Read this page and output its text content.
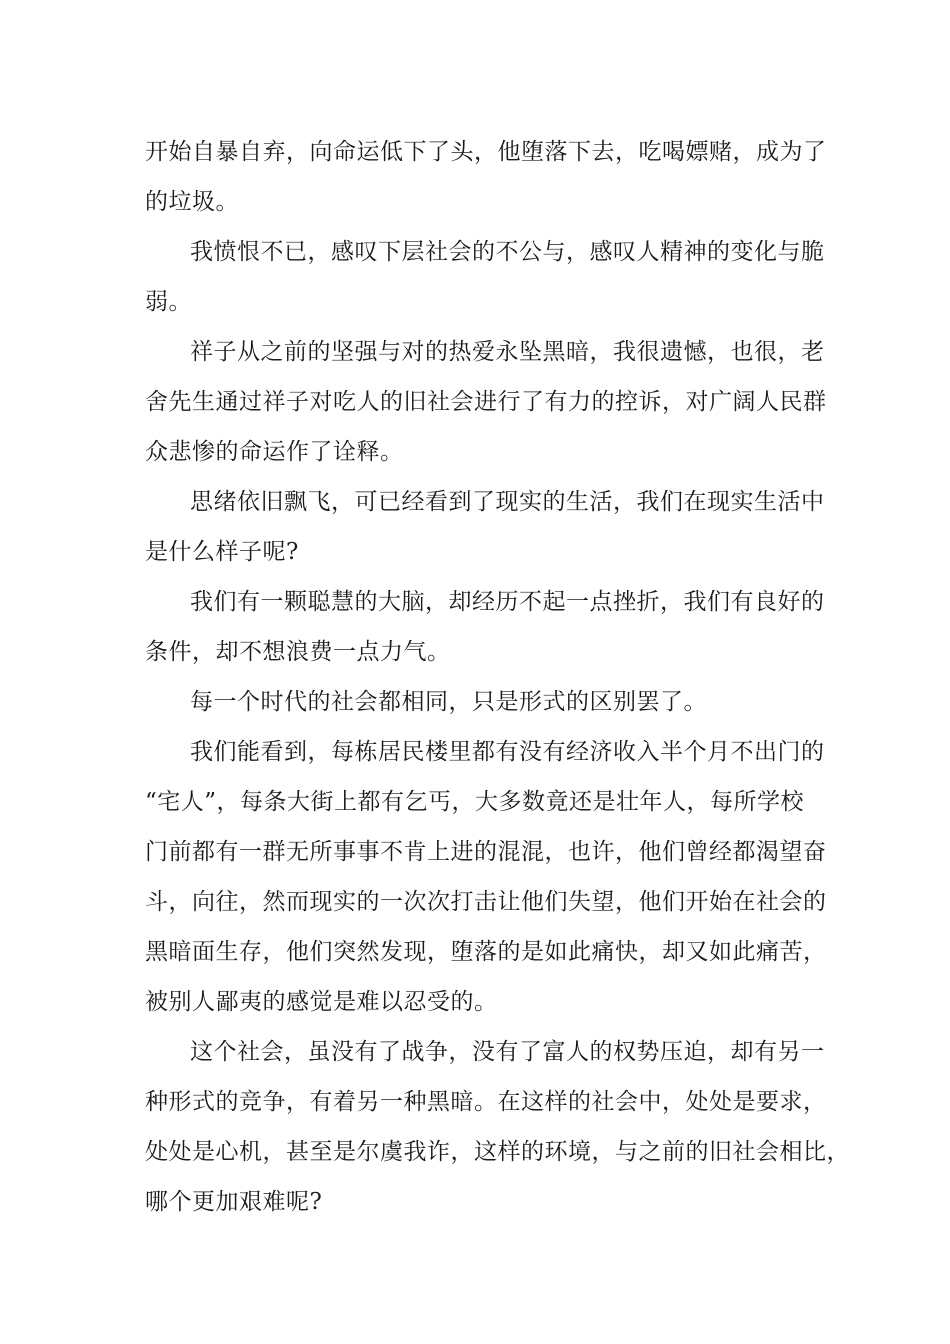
开始自暴自弃，向命运低下了头，他堕落下去，吃喝嫖赌，成为了
的垃圾。
我愤恨不已，感叹下层社会的不公与，感叹人精神的变化与脆
弱。
祥子从之前的坚强与对的热爱永坠黑暗，我很遗憾，也很，老
舍先生通过祥子对吃人的旧社会进行了有力的控诉，对广阔人民群
众悲惨的命运作了诠释。
思绪依旧飘飞，可已经看到了现实的生活，我们在现实生活中
是什么样子呢?
我们有一颗聪慧的大脑，却经历不起一点挫折，我们有良好的
条件，却不想浪费一点力气。
每一个时代的社会都相同，只是形式的区别罢了。
我们能看到，每栋居民楼里都有没有经济收入半个月不出门的
“宅人”，每条大街上都有乞丐，大多数竟还是壮年人，每所学校
门前都有一群无所事事不肯上进的混混，也许，他们曾经都渴望奋
斗，向往，然而现实的一次次打击让他们失望，他们开始在社会的
黑暗面生存，他们突然发现，堕落的是如此痛快，却又如此痛苦，
被别人鄙夷的感觉是难以忍受的。
这个社会，虽没有了战争，没有了富人的权势压迫，却有另一
种形式的竞争，有着另一种黑暗。在这样的社会中，处处是要求，
处处是心机，甚至是尔虞我诈，这样的环境，与之前的旧社会相比，
哪个更加艰难呢?
